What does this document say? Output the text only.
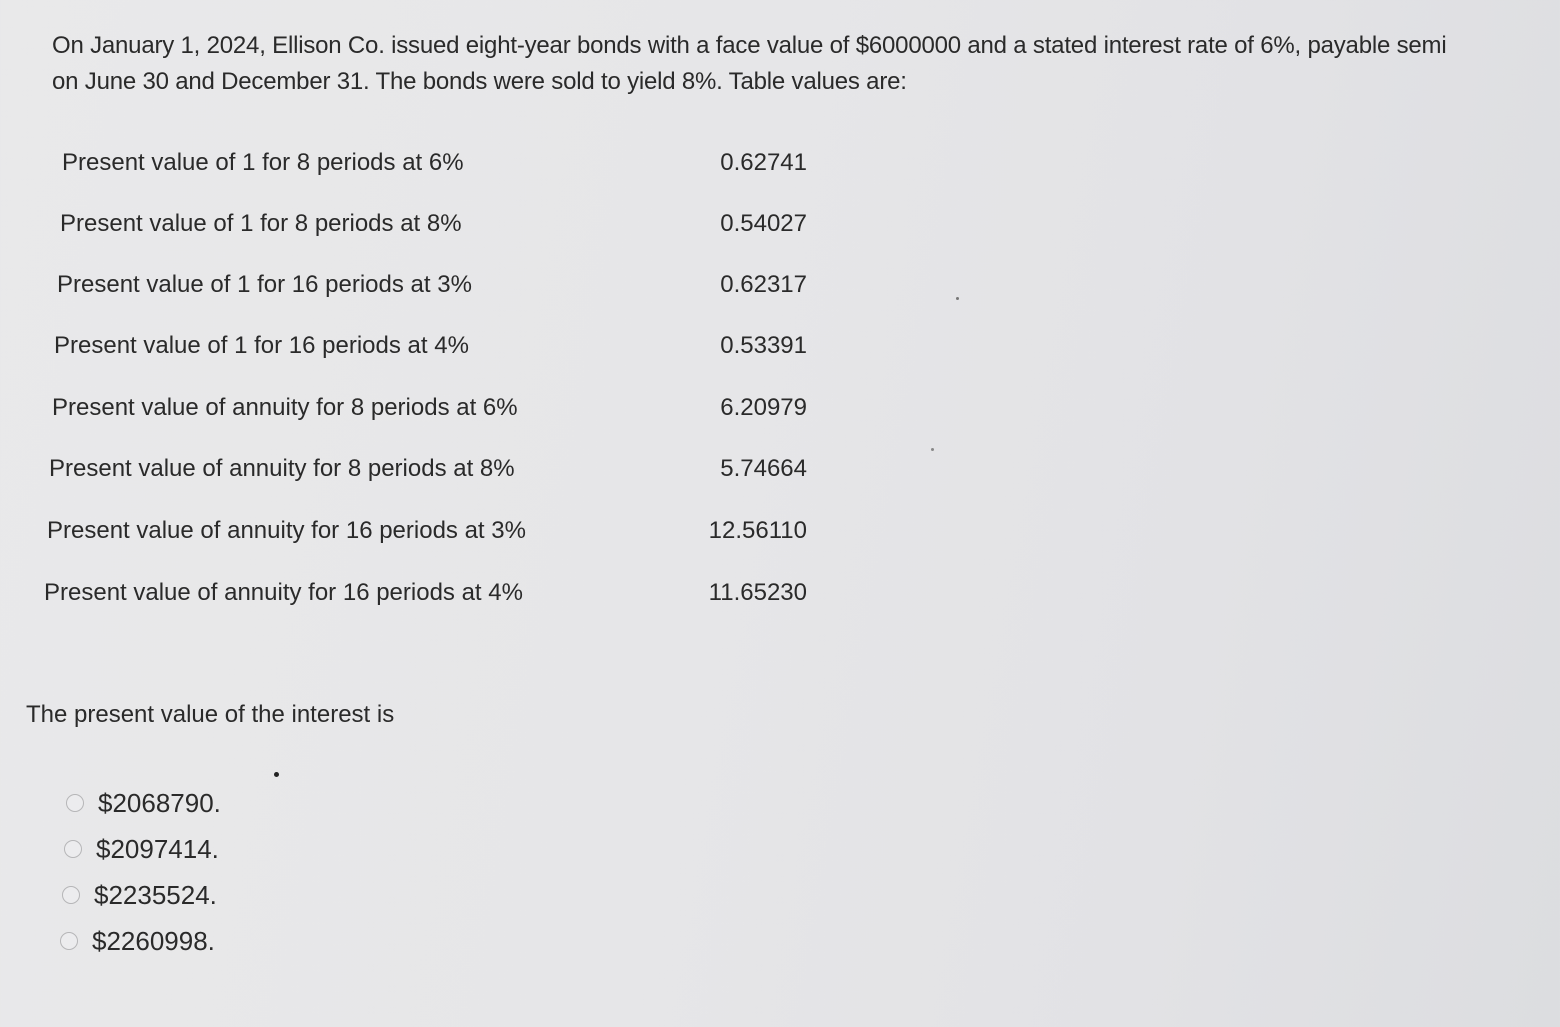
On January 1, 2024, Ellison Co. issued eight-year bonds with a face value of $6000000 and a stated interest rate of 6%, payable semi
on June 30 and December 31. The bonds were sold to yield 8%. Table values are:
Present value of 1 for 8 periods at 6%	0.62741
Present value of 1 for 8 periods at 8%	0.54027
Present value of 1 for 16 periods at 3%	0.62317
Present value of 1 for 16 periods at 4%	0.53391
Present value of annuity for 8 periods at 6%	6.20979
Present value of annuity for 8 periods at 8%	5.74664
Present value of annuity for 16 periods at 3%	12.56110
Present value of annuity for 16 periods at 4%	11.65230
The present value of the interest is
$2068790.
$2097414.
$2235524.
$2260998.
